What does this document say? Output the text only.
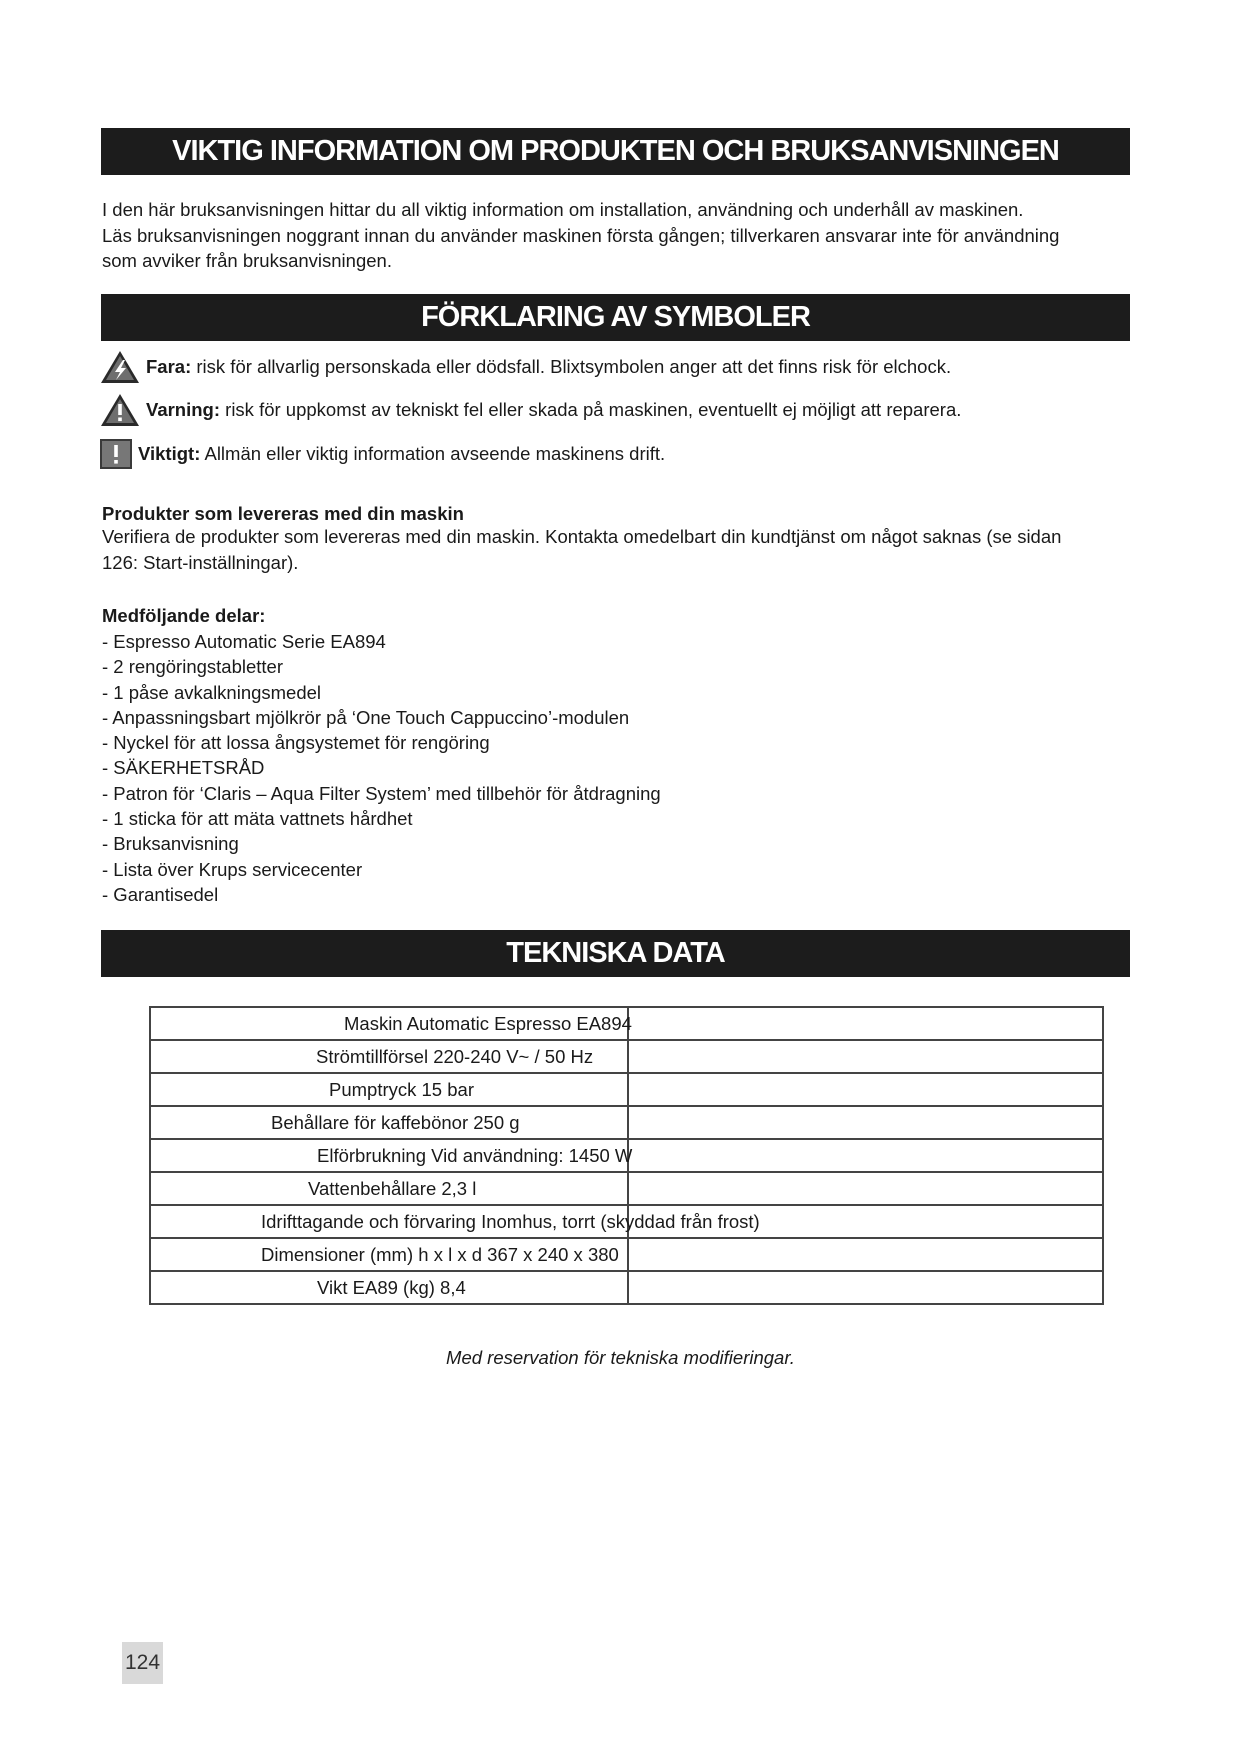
VIKTIG INFORMATION OM PRODUKTEN OCH BRUKSANVISNINGEN
I den här bruksanvisningen hittar du all viktig information om installation, användning och underhåll av maskinen.
Läs bruksanvisningen noggrant innan du använder maskinen första gången; tillverkaren ansvarar inte för användning
som avviker från bruksanvisningen.
FÖRKLARING AV SYMBOLER
Fara: risk för allvarlig personskada eller dödsfall. Blixtsymbolen anger att det finns risk för elchock.
Varning: risk för uppkomst av tekniskt fel eller skada på maskinen, eventuellt ej möjligt att reparera.
Viktigt: Allmän eller viktig information avseende maskinens drift.
Produkter som levereras med din maskin
Verifiera de produkter som levereras med din maskin. Kontakta omedelbart din kundtjänst om något saknas (se sidan
126: Start-inställningar).
Medföljande delar:
- Espresso Automatic Serie EA894
- 2 rengöringstabletter
- 1 påse avkalkningsmedel
- Anpassningsbart mjölkrör på ‘One Touch Cappuccino’-modulen
- Nyckel för att lossa ångsystemet för rengöring
- SÄKERHETSRÅD
- Patron för ‘Claris – Aqua Filter System’ med tillbehör för åtdragning
- 1 sticka för att mäta vattnets hårdhet
- Bruksanvisning
- Lista över Krups servicecenter
- Garantisedel
TEKNISKA DATA
Maskin Automatic Espresso EA894	

Strömtillförsel 220-240 V~ / 50 Hz	

Pumptryck 15 bar	

Behållare för kaffebönor 250 g	

Elförbrukning Vid användning: 1450 W	

Vattenbehållare 2,3 l	

Idrifttagande och förvaring Inomhus, torrt (skyddad från frost)	

Dimensioner (mm) h x l x d 367 x 240 x 380	

Vikt EA89 (kg) 8,4	

Med reservation för tekniska modifieringar.
124
